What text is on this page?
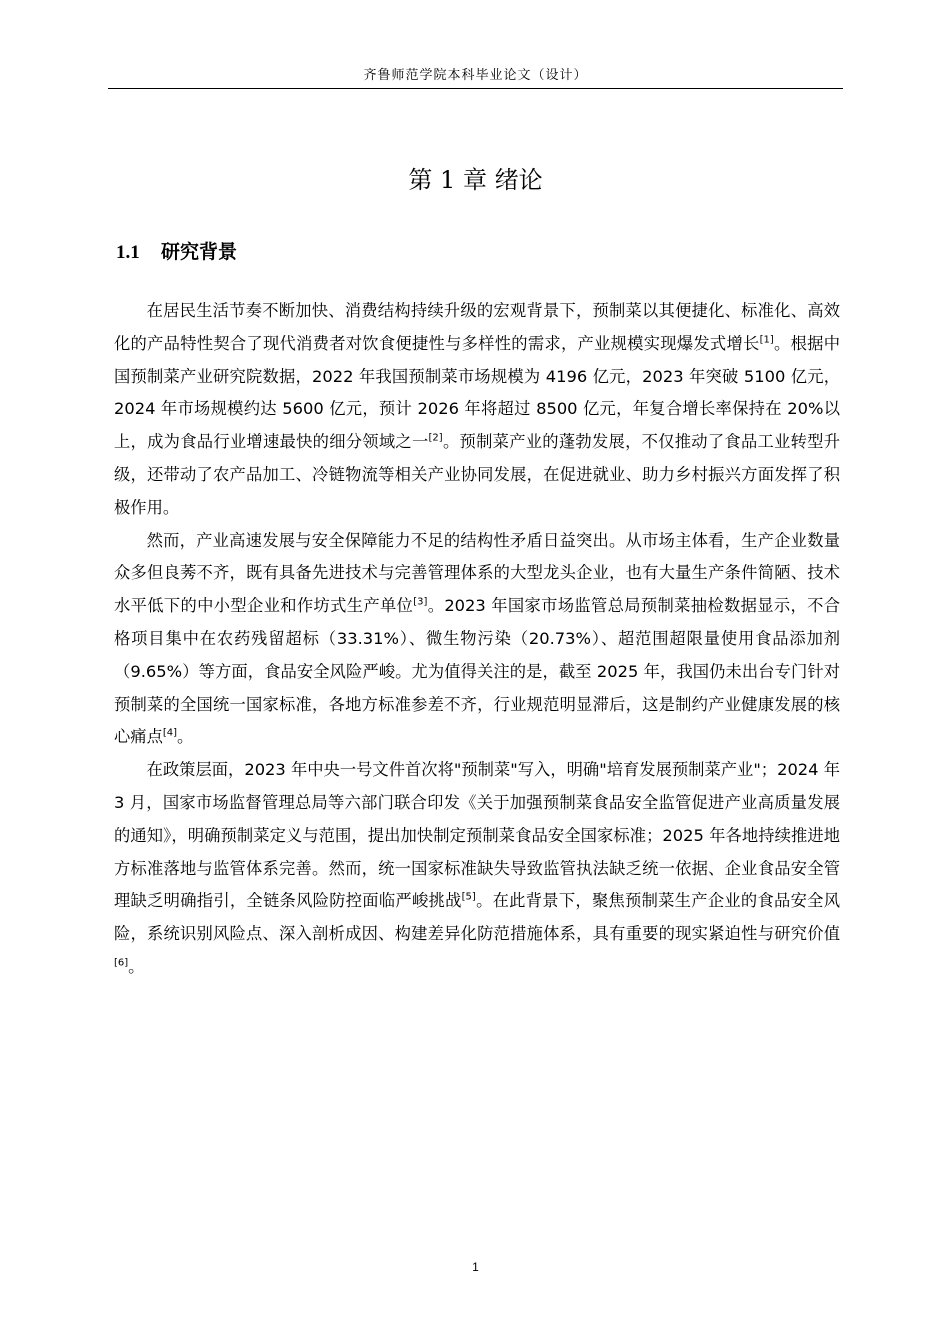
齐鲁师范学院本科毕业论文（设计）
第 1 章 绪论
1.1 研究背景

在居民生活节奏不断加快、消费结构持续升级的宏观背景下，预制菜以其便捷化、标准化、高效化的产品特性契合了现代消费者对饮食便捷性与多样性的需求，产业规模实现爆发式增长[1]。根据中国预制菜产业研究院数据，2022 年我国预制菜市场规模为 4196 亿元，2023 年突破 5100 亿元，2024 年市场规模约达 5600 亿元，预计 2026 年将超过 8500 亿元，年复合增长率保持在 20%以上，成为食品行业增速最快的细分领域之一[2]。预制菜产业的蓬勃发展，不仅推动了食品工业转型升级，还带动了农产品加工、冷链物流等相关产业协同发展，在促进就业、助力乡村振兴方面发挥了积极作用。

然而，产业高速发展与安全保障能力不足的结构性矛盾日益突出。从市场主体看，生产企业数量众多但良莠不齐，既有具备先进技术与完善管理体系的大型龙头企业，也有大量生产条件简陋、技术水平低下的中小型企业和作坊式生产单位[3]。2023 年国家市场监管总局预制菜抽检数据显示，不合格项目集中在农药残留超标（33.31%）、微生物污染（20.73%）、超范围超限量使用食品添加剂（9.65%）等方面，食品安全风险严峻。尤为值得关注的是，截至 2025 年，我国仍未出台专门针对预制菜的全国统一国家标准，各地方标准参差不齐，行业规范明显滞后，这是制约产业健康发展的核心痛点[4]。

在政策层面，2023 年中央一号文件首次将"预制菜"写入，明确"培育发展预制菜产业"；2024 年 3 月，国家市场监督管理总局等六部门联合印发《关于加强预制菜食品安全监管促进产业高质量发展的通知》，明确预制菜定义与范围，提出加快制定预制菜食品安全国家标准；2025 年各地持续推进地方标准落地与监管体系完善。然而，统一国家标准缺失导致监管执法缺乏统一依据、企业食品安全管理缺乏明确指引，全链条风险防控面临严峻挑战[5]。在此背景下，聚焦预制菜生产企业的食品安全风险，系统识别风险点、深入剖析成因、构建差异化防范措施体系，具有重要的现实紧迫性与研究价值[6]。

1
